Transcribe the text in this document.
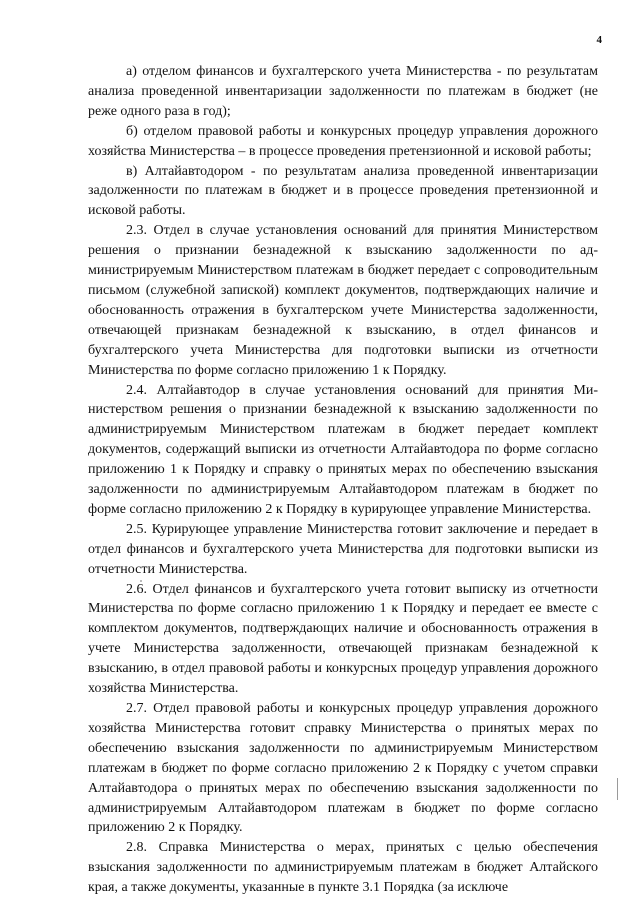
4

а) отделом финансов и бухгалтерского учета Министерства - по результатам анализа проведенной инвентаризации задолженности по платежам в бюджет (не реже одного раза в год);

б) отделом правовой работы и конкурсных процедур управления дорожного хозяйства Министерства – в процессе проведения претензионной и исковой работы;

в) Алтайавтодором - по результатам анализа проведенной инвентаризации задолженности по платежам в бюджет и в процессе проведения претензионной и исковой работы.

2.3. Отдел в случае установления оснований для принятия Министерством решения о признании безнадежной к взысканию задолженности по администрируемым Министерством платежам в бюджет передает с сопроводительным письмом (служебной запиской) комплект документов, подтверждающих наличие и обоснованность отражения в бухгалтерском учете Министерства задолженности, отвечающей признакам безнадежной к взысканию, в отдел финансов и бухгалтерского учета Министерства для подготовки выписки из отчетности Министерства по форме согласно приложению 1 к Порядку.

2.4. Алтайавтодор в случае установления оснований для принятия Министерством решения о признании безнадежной к взысканию задолженности по администрируемым Министерством платежам в бюджет передает комплект документов, содержащий выписки из отчетности Алтайавтодора по форме согласно приложению 1 к Порядку и справку о принятых мерах по обеспечению взыскания задолженности по администрируемым Алтайавтодором платежам в бюджет по форме согласно приложению 2 к Порядку в курирующее управление Министерства.

2.5. Курирующее управление Министерства готовит заключение и передает в отдел финансов и бухгалтерского учета Министерства для подготовки выписки из отчетности Министерства.

2.6. Отдел финансов и бухгалтерского учета готовит выписку из отчетности Министерства по форме согласно приложению 1 к Порядку и передает ее вместе с комплектом документов, подтверждающих наличие и обоснованность отражения в учете Министерства задолженности, отвечающей признакам безнадежной к взысканию, в отдел правовой работы и конкурсных процедур управления дорожного хозяйства Министерства.

2.7. Отдел правовой работы и конкурсных процедур управления дорожного хозяйства Министерства готовит справку Министерства о принятых мерах по обеспечению взыскания задолженности по администрируемым Министерством платежам в бюджет по форме согласно приложению 2 к Порядку с учетом справки Алтайавтодора о принятых мерах по обеспечению взыскания задолженности по администрируемым Алтайавтодором платежам в бюджет по форме согласно приложению 2 к Порядку.

2.8. Справка Министерства о мерах, принятых с целью обеспечения взыскания задолженности по администрируемым платежам в бюджет Алтайского края, а также документы, указанные в пункте 3.1 Порядка (за исключе
